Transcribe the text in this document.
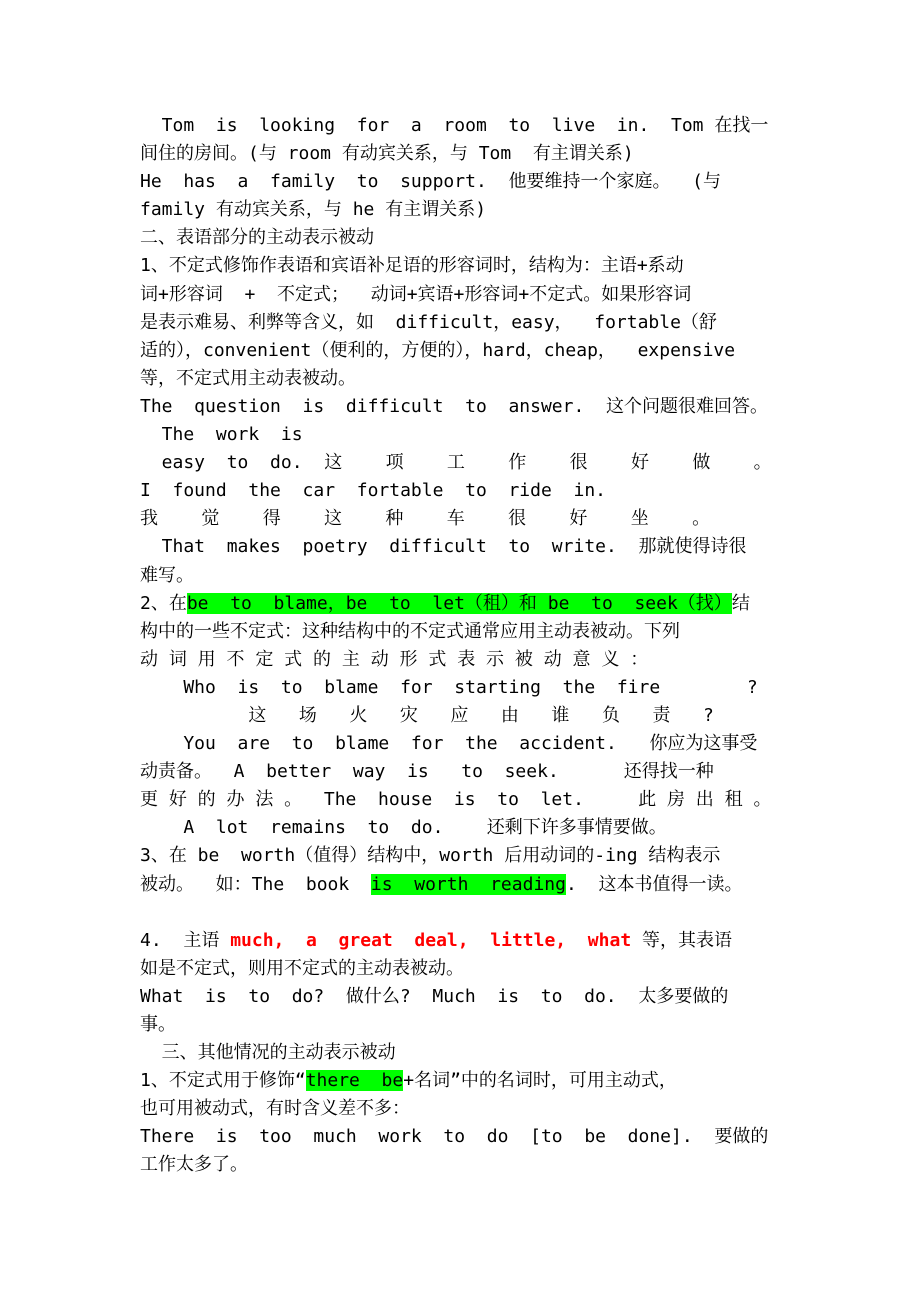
Tom  is  looking  for  a  room  to  live  in.  Tom 在找一
间住的房间。(与 room 有动宾关系，与 Tom  有主谓关系)
He  has  a  family  to  support.  他要维持一个家庭。  (与
family 有动宾关系，与 he 有主谓关系)
二、表语部分的主动表示被动
1、不定式修饰作表语和宾语补足语的形容词时，结构为：主语+系动
词+形容词  +  不定式；  动词+宾语+形容词+不定式。如果形容词
是表示难易、利弊等含义，如  difficult，easy，  fortable（舒
适的），convenient（便利的，方便的），hard，cheap，  expensive
等，不定式用主动表被动。
The  question  is  difficult  to  answer.  这个问题很难回答。
The  work  is
easy  to  do.  这    项    工    作    很    好    做    。
I  found  the  car  fortable  to  ride  in.
我    觉    得    这    种    车    很    好    坐    。
That  makes  poetry  difficult  to  write.  那就使得诗很
难写。
2、在be  to  blame，be  to  let（租）和 be  to  seek（找）结
构中的一些不定式：这种结构中的不定式通常应用主动表被动。下列
动 词 用 不 定 式 的 主 动 形 式 表 示 被 动 意 义 ：
Who  is  to  blame  for  starting  the  fire        ?
这   场   火   灾   应   由   谁   负   责   ?
You  are  to  blame  for  the  accident.   你应为这事受
动责备。  A  better  way  is   to  seek.      还得找一种
更 好 的 办 法 。  The  house  is  to  let.     此 房 出 租 。
A  lot  remains  to  do.    还剩下许多事情要做。
3、在 be  worth（值得）结构中，worth 后用动词的-ing 结构表示
被动。  如：The  book  is  worth  reading.  这本书值得一读。
4.  主语 much,  a  great  deal,  little,  what 等，其表语
如是不定式，则用不定式的主动表被动。
What  is  to  do?  做什么?  Much  is  to  do.  太多要做的
事。
三、其他情况的主动表示被动
1、不定式用于修饰“there  be+名词”中的名词时，可用主动式，
也可用被动式，有时含义差不多：
There  is  too  much  work  to  do  [to  be  done].  要做的
工作太多了。
